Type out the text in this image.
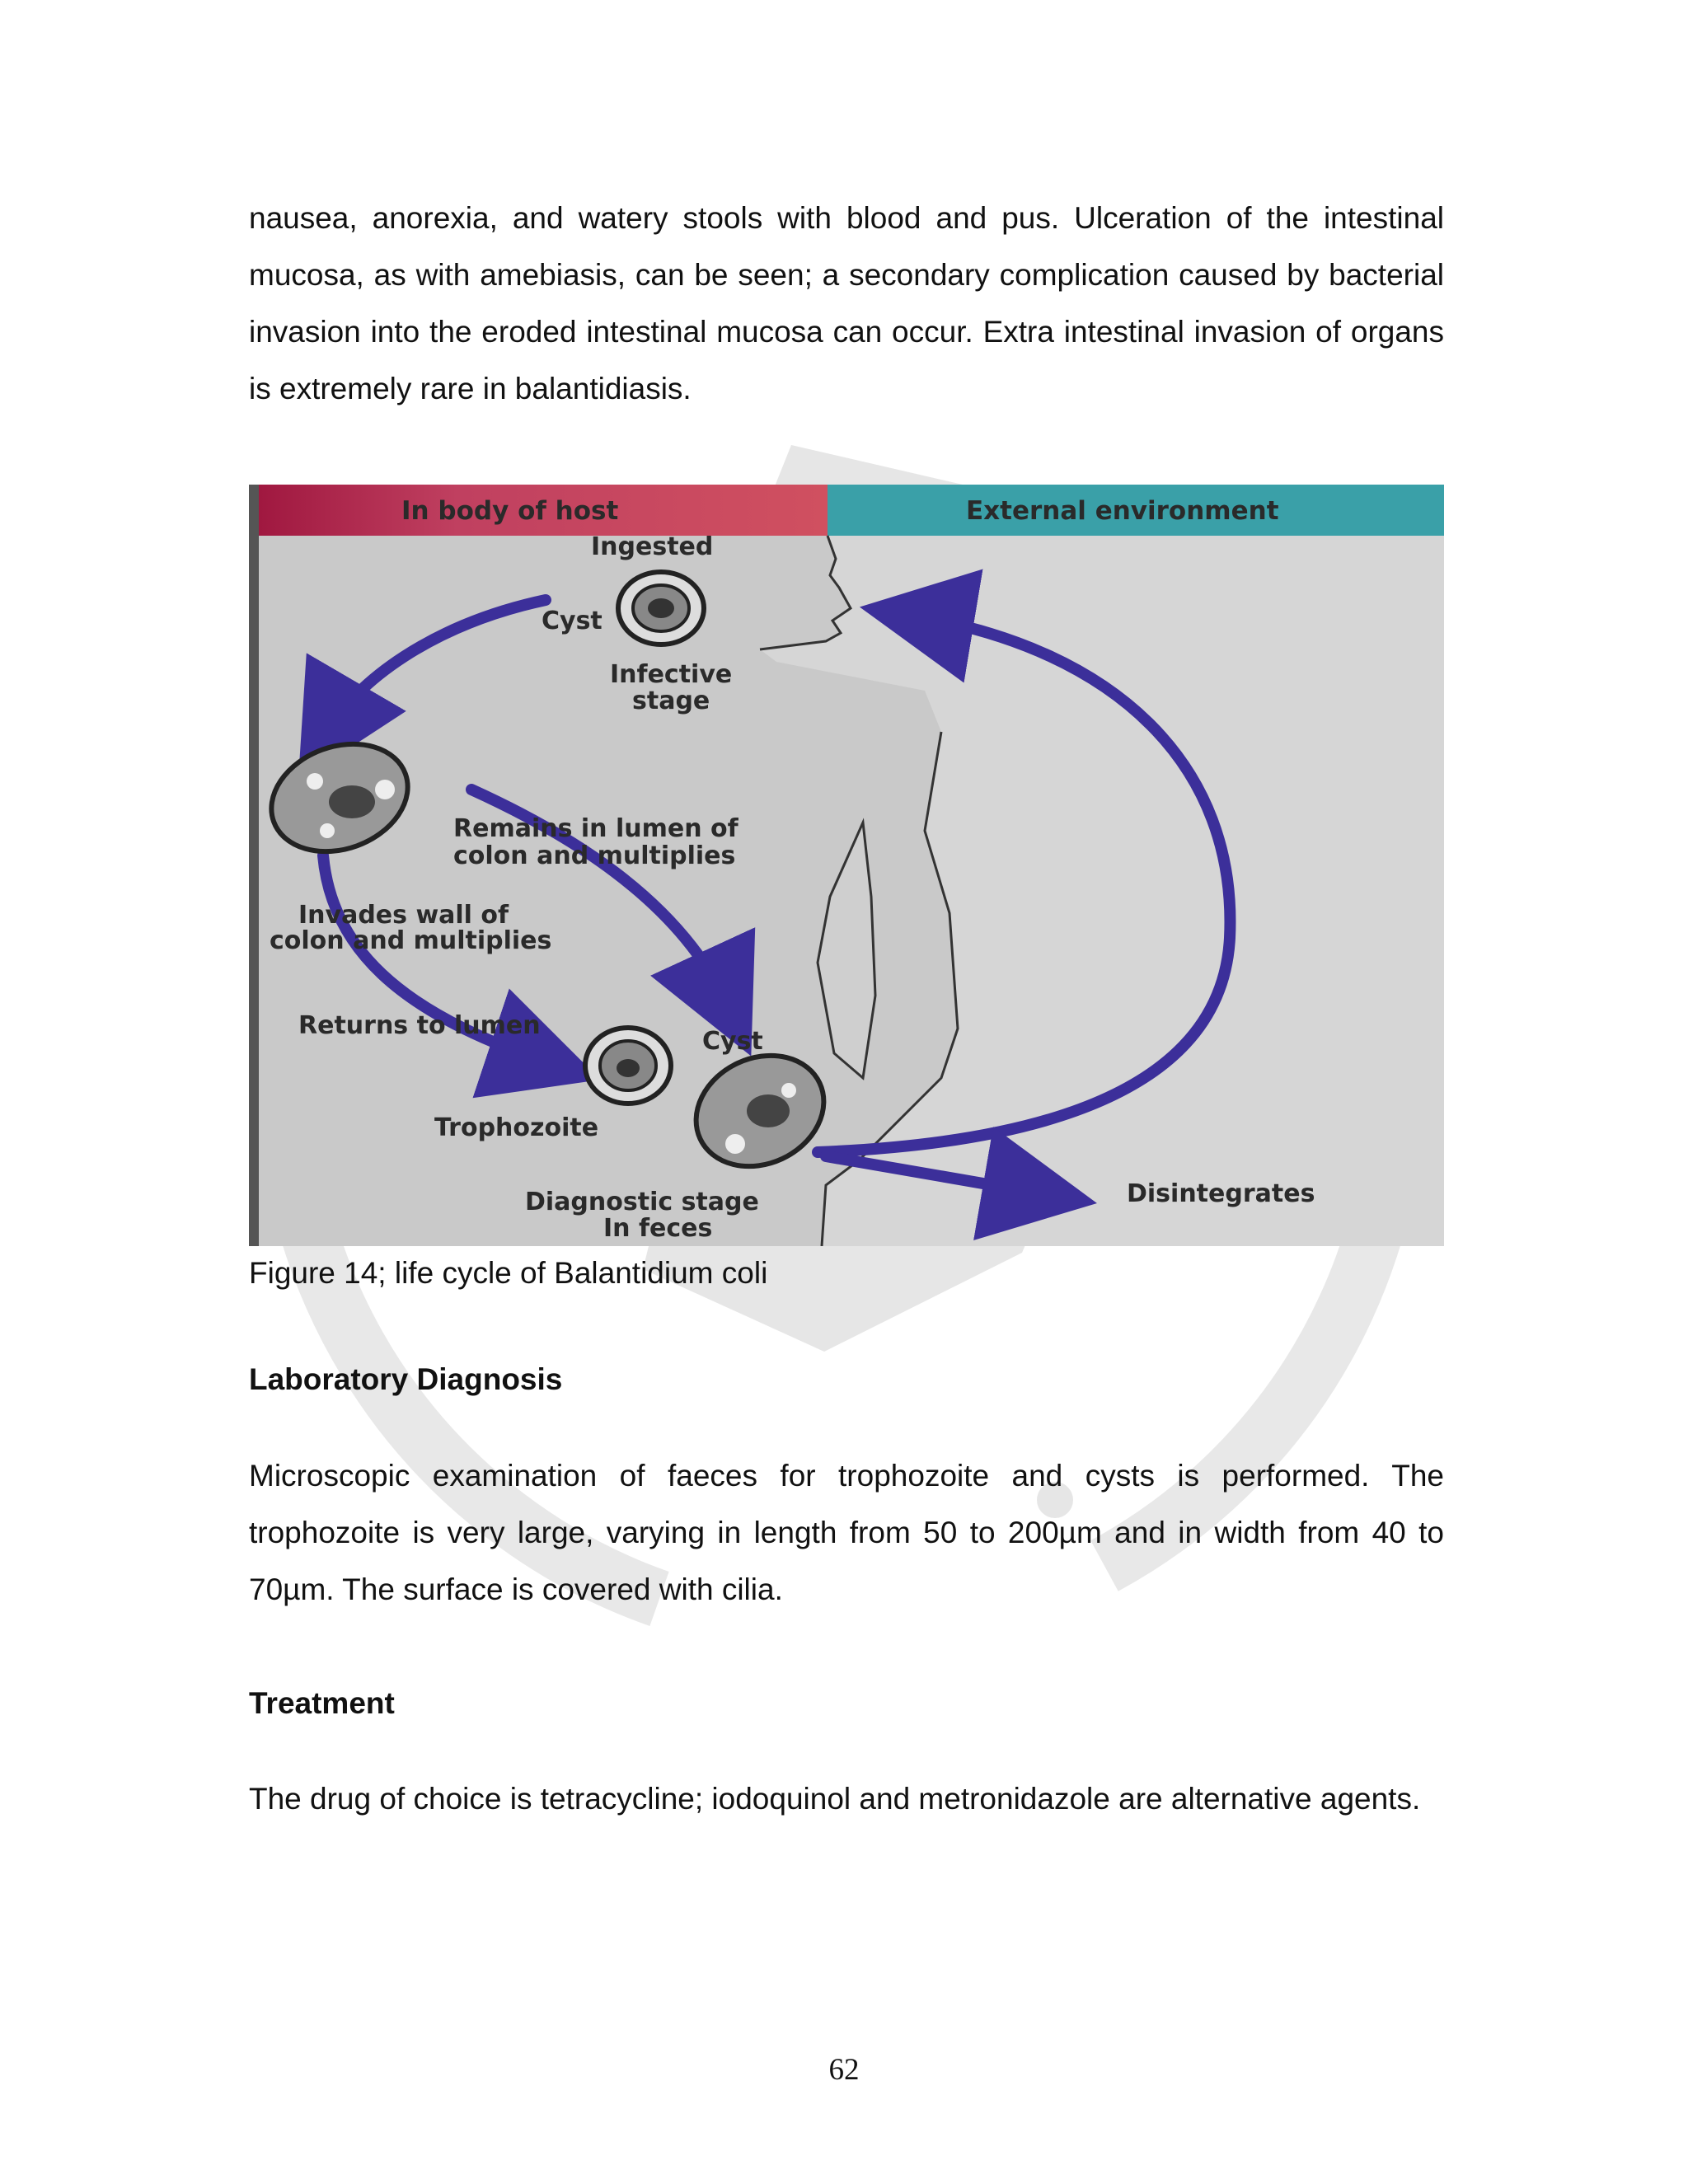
nausea, anorexia, and watery stools with blood and pus. Ulceration of the intestinal mucosa, as with amebiasis, can be seen; a secondary complication caused by bacterial invasion into the eroded intestinal mucosa can occur. Extra intestinal invasion of organs is extremely rare in balantidiasis.

In body of host	External environment
Ingested
Cyst
Infective
stage
Remains in lumen of
colon and multiplies
Invades wall of
colon and multiplies
Returns to lumen
Cyst
Trophozoite
Diagnostic stage
In feces
Disintegrates

Figure 14; life cycle of Balantidium coli

Laboratory Diagnosis

Microscopic examination of faeces for trophozoite and cysts is performed. The trophozoite is very large, varying in length from 50 to 200µm and in width from 40 to 70µm. The surface is covered with cilia.

Treatment

The drug of choice is tetracycline; iodoquinol and metronidazole are alternative agents.

62
